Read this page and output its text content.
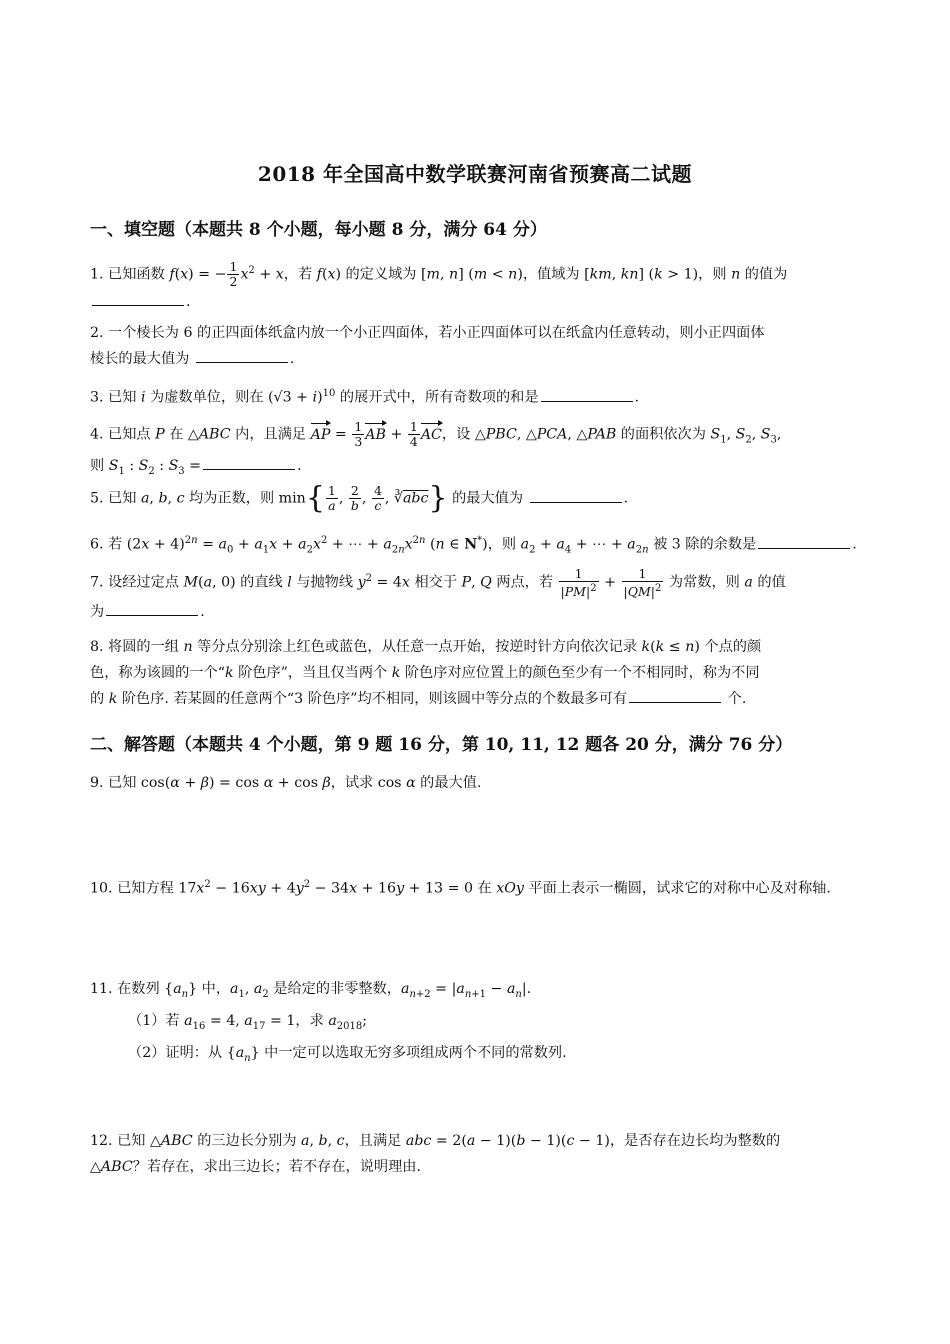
2018 年全国高中数学联赛河南省预赛高二试题
一、填空题（本题共 8 个小题，每小题 8 分，满分 64 分）

1. 已知函数 f(x) = − $\frac{1}{2} x^2 + x$，若 f(x) 的定义域为 [m, n] (m < n)，值域为 [km, kn] (k > 1)，则 n 的值为

.

2. 一个棱长为 6 的正四面体纸盒内放一个小正四面体，若小正四面体可以在纸盒内任意转动，则小正四面体

棱长的最大值为	.

3. 已知 i 为虚数单位，则在 $(√3 + i)^{10}$ 的展开式中，所有奇数项的和是	.

4. 已知点 P 在 △ABC 内，且满足 AP = $\frac{1}{3}$ AB + $\frac{1}{4}$ AC，设 △PBC, △PCA, △PAB 的面积依次为 $S_1$, $S_2$, $S_3$,

则 $S_1$ : $S_2$ : $S_3$ =	.

5. 已知 a, b, c 均为正数，则 $\min\{ \frac{1}{a}$ , $\frac{2}{b}$ , $\frac{4}{c}$ , $∛\overline{abc}$} 的最大值为	.

6. 若 $(2x + 4)^{2n} = a_0 + a_1x + a_2x^2$ + ⋯ + $a_{2n}x^{2n}$ (n ∈ N*)，则 $a_2 + a_4$ + ⋯ + $a_{2n}$ 被 3 除的余数是	.

7. 设经过定点 M(a, 0) 的直线 l 与抛物线 $y^2 = 4x$ 相交于 P, Q 两点，若 $\frac{1}{|PM|^2} + \frac{1}{|QM|^2}$ 为常数，则 a 的值

为	.

8. 将圆的一组 n 等分点分别涂上红色或蓝色，从任意一点开始，按逆时针方向依次记录 k(k ≤ n) 个点的颜

色，称为该圆的一个“k 阶色序”，当且仅当两个 k 阶色序对应位置上的颜色至少有一个不相同时，称为不同

的 k 阶色序. 若某圆的任意两个“3 阶色序”均不相同，则该圆中等分点的个数最多可有	个.

二、解答题（本题共 4 个小题，第 9 题 16 分，第 10, 11, 12 题各 20 分，满分 76 分）

9. 已知 cos(α + β) = cos α + cos β，试求 cos α 的最大值.

10. 已知方程 $17x^2 - 16xy + 4y^2 - 34x + 16y + 13 = 0$ 在 xOy 平面上表示一椭圆，试求它的对称中心及对称轴.

11. 在数列 $\{a_n\}$ 中，$a_1$, $a_2$ 是给定的非零整数，$a_{n+2} = |a_{n+1} - a_n|$.

（1）若 $a_{16} = 4$, $a_{17} = 1$，求 $a_{2018}$;

（2）证明：从 $\{a_n\}$ 中一定可以选取无穷多项组成两个不同的常数列.

12. 已知 △ABC 的三边长分别为 a, b, c，且满足 abc = 2(a − 1)(b − 1)(c − 1)，是否存在边长均为整数的

△ABC？若存在，求出三边长；若不存在，说明理由.
